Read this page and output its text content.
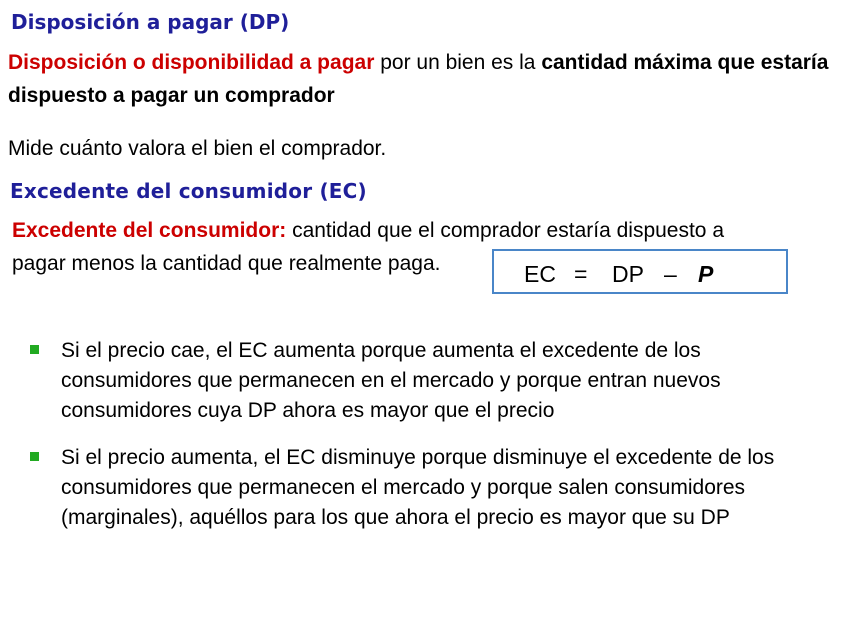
Disposición a pagar (DP)

Disposición o disponibilidad a pagar por un bien es la cantidad máxima que estaría dispuesto a pagar un comprador

Mide cuánto valora el bien el comprador.

Excedente del consumidor (EC)

Excedente del consumidor: cantidad que el comprador estaría dispuesto a
pagar menos la cantidad que realmente paga.

	EC

=

DP

–

P

Si el precio cae, el EC aumenta porque aumenta el excedente de los consumidores que permanecen en el mercado y porque entran nuevos consumidores cuya DP ahora es mayor que el precio
Si el precio aumenta, el EC disminuye porque disminuye el excedente de los consumidores que permanecen el mercado y porque salen consumidores (marginales), aquéllos para los que ahora el precio es mayor que su DP
